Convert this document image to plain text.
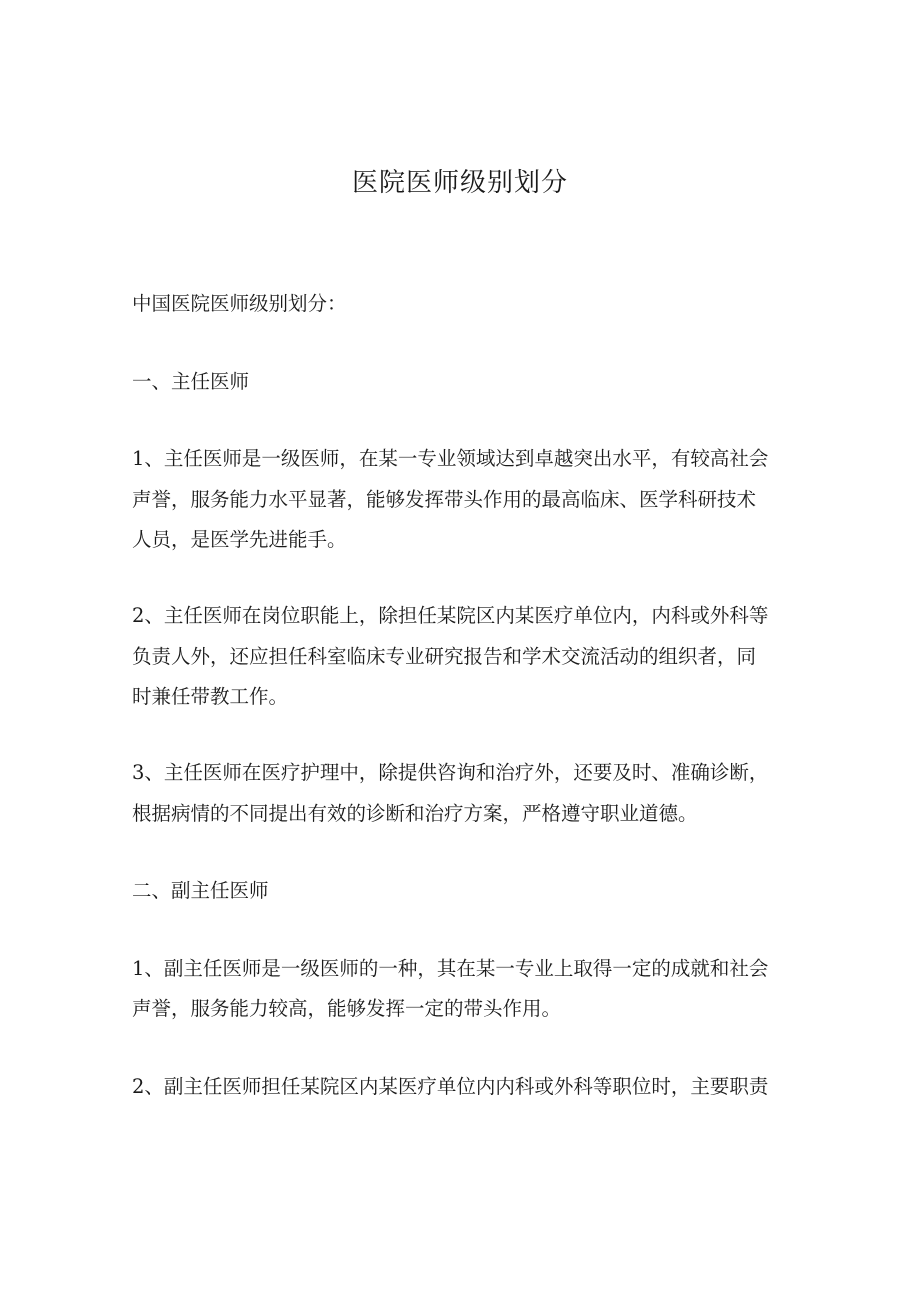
医院医师级别划分

中国医院医师级别划分：

一、主任医师

1、主任医师是一级医师，在某一专业领域达到卓越突出水平，有较高社会

声誉，服务能力水平显著，能够发挥带头作用的最高临床、医学科研技术

人员，是医学先进能手。

2、主任医师在岗位职能上，除担任某院区内某医疗单位内，内科或外科等

负责人外，还应担任科室临床专业研究报告和学术交流活动的组织者，同

时兼任带教工作。

3、主任医师在医疗护理中，除提供咨询和治疗外，还要及时、准确诊断，

根据病情的不同提出有效的诊断和治疗方案，严格遵守职业道德。

二、副主任医师

1、副主任医师是一级医师的一种，其在某一专业上取得一定的成就和社会

声誉，服务能力较高，能够发挥一定的带头作用。

2、副主任医师担任某院区内某医疗单位内内科或外科等职位时，主要职责
